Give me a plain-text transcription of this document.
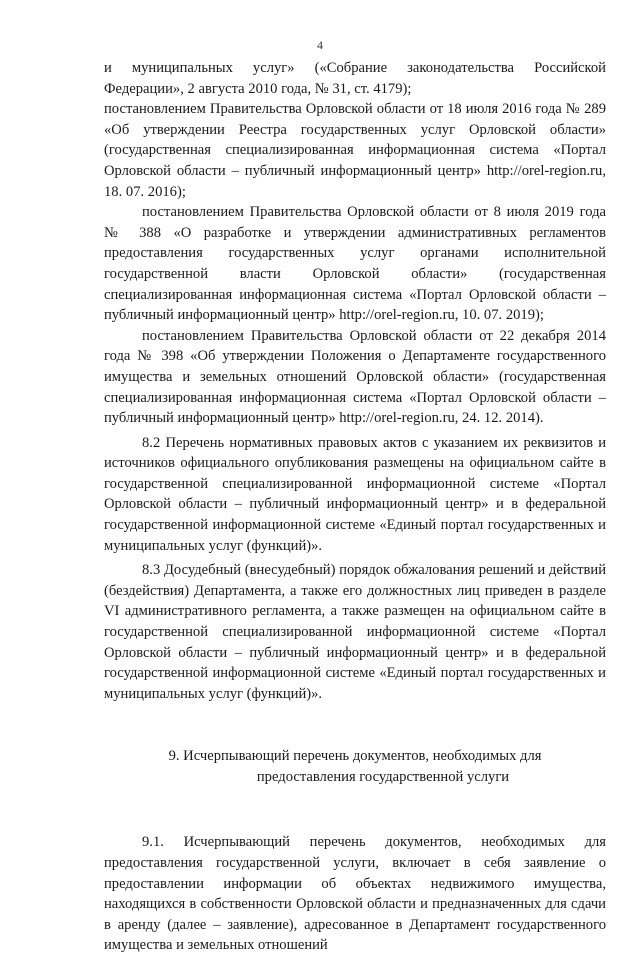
4

и муниципальных услуг» («Собрание законодательства Российской Федерации», 2 августа 2010 года, № 31, ст. 4179);

постановлением Правительства Орловской области от 18 июля 2016 года № 289 «Об утверждении Реестра государственных услуг Орловской области» (государственная специализированная информационная система «Портал Орловской области – публичный информационный центр» http://orel-region.ru, 18. 07. 2016);

постановлением Правительства Орловской области от 8 июля 2019 года № 388 «О разработке и утверждении административных регламентов предоставления государственных услуг органами исполнительной государственной власти Орловской области» (государственная специализированная информационная система «Портал Орловской области – публичный информационный центр» http://orel-region.ru, 10. 07. 2019);

постановлением Правительства Орловской области от 22 декабря 2014 года № 398 «Об утверждении Положения о Департаменте государственного имущества и земельных отношений Орловской области» (государственная специализированная информационная система «Портал Орловской области – публичный информационный центр» http://orel-region.ru, 24. 12. 2014).

8.2 Перечень нормативных правовых актов с указанием их реквизитов и источников официального опубликования размещены на официальном сайте в государственной специализированной информационной системе «Портал Орловской области – публичный информационный центр» и в федеральной государственной информационной системе «Единый портал государственных и муниципальных услуг (функций)».

8.3 Досудебный (внесудебный) порядок обжалования решений и действий (бездействия) Департамента, а также его должностных лиц приведен в разделе VI административного регламента, а также размещен на официальном сайте в государственной специализированной информационной системе «Портал Орловской области – публичный информационный центр» и в федеральной государственной информационной системе «Единый портал государственных и муниципальных услуг (функций)».

9. Исчерпывающий перечень документов, необходимых для
предоставления государственной услуги

9.1. Исчерпывающий перечень документов, необходимых для предоставления государственной услуги, включает в себя заявление о предоставлении информации об объектах недвижимого имущества, находящихся в собственности Орловской области и предназначенных для сдачи в аренду (далее – заявление), адресованное в Департамент государственного имущества и земельных отношений
